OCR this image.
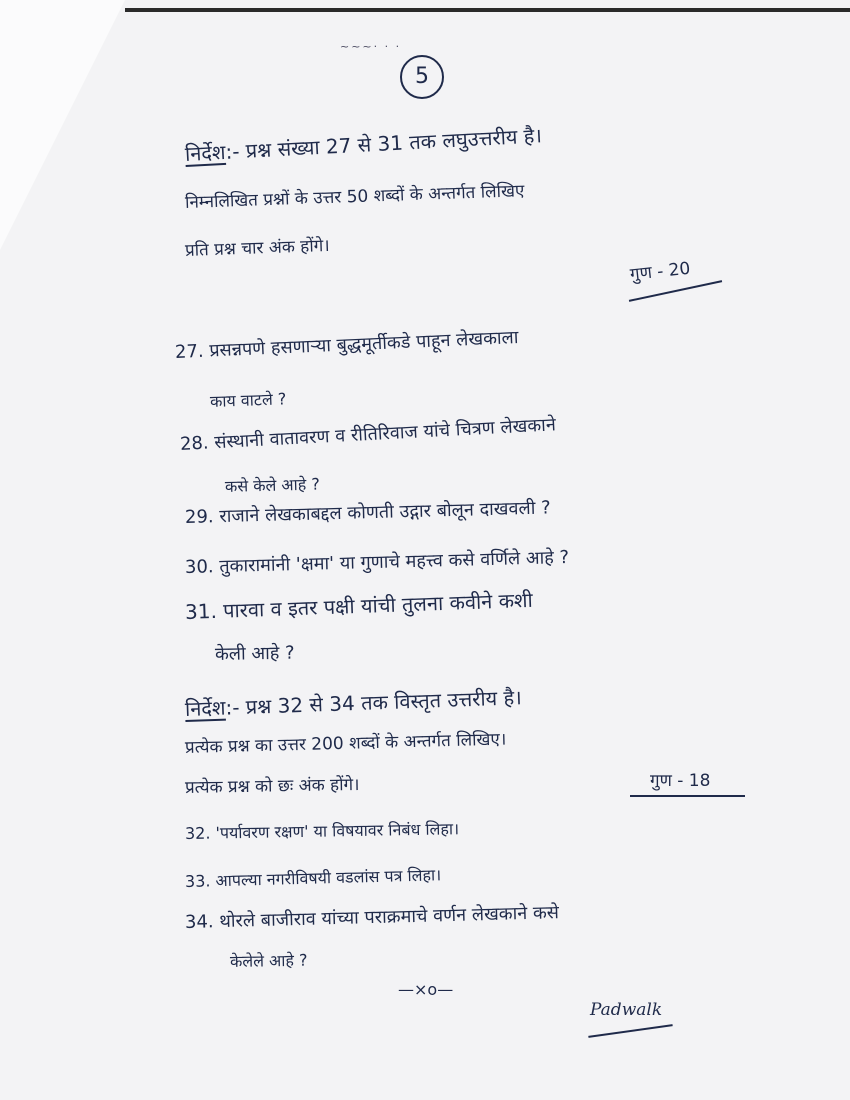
~~~· · ·
5
निर्देश:- प्रश्न संख्या 27 से 31 तक लघुउत्तरीय है।
निम्नलिखित प्रश्नों के उत्तर 50 शब्दों के अन्तर्गत लिखिए
प्रति प्रश्न चार अंक होंगे।
गुण - 20
27. प्रसन्नपणे हसणाऱ्या बुद्धमूर्तीकडे पाहून लेखकाला
काय वाटले ?
28. संस्थानी वातावरण व रीतिरिवाज यांचे चित्रण लेखकाने
कसे केले आहे ?
29. राजाने लेखकाबद्दल कोणती उद्गार बोलून दाखवली ?
30. तुकारामांनी 'क्षमा' या गुणाचे महत्त्व कसे वर्णिले आहे ?
31. पारवा व इतर पक्षी यांची तुलना कवीने कशी
केली आहे ?
निर्देश:- प्रश्न 32 से 34 तक विस्तृत उत्तरीय है।
प्रत्येक प्रश्न का उत्तर 200 शब्दों के अन्तर्गत लिखिए।
प्रत्येक प्रश्न को छः अंक होंगे।	गुण - 18
32. 'पर्यावरण रक्षण' या विषयावर निबंध लिहा।
33. आपल्या नगरीविषयी वडलांस पत्र लिहा।
34. थोरले बाजीराव यांच्या पराक्रमाचे वर्णन लेखकाने कसे
केलेले आहे ?
—×o—
Padwalk
